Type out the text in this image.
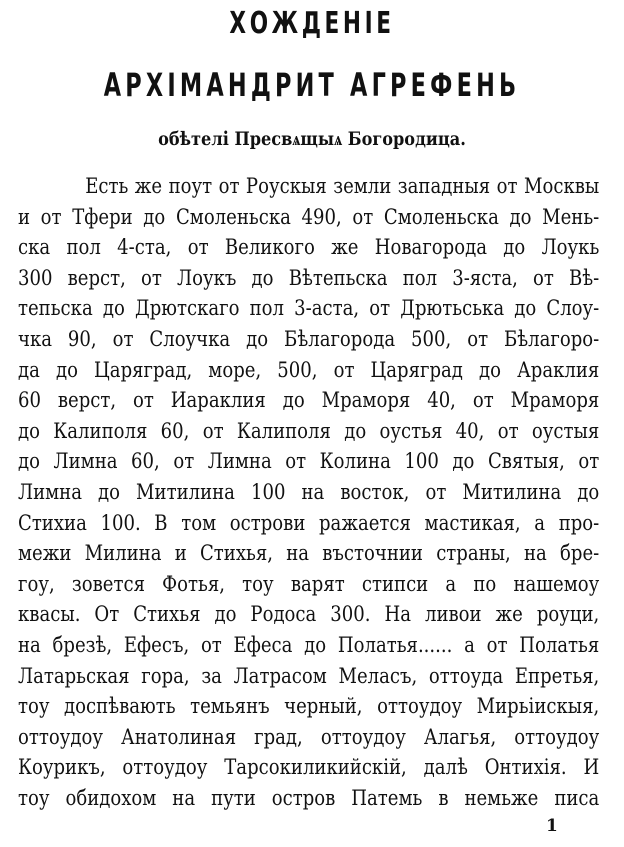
ХОЖДЕНІЕ
АРХІМАНДРИТ АГРЕФЕНЬ
обѣтелі Пресвѧщыѧ Богородица.
Есть же поут от Роускыя земли западныя от Москвы
и от Тфери до Смоленьска 490, от Смоленьска до Мень-
ска пол 4-ста, от Великого же Новагорода до Лоукь
300 верст, от Лоукъ до Вѣтепьска пол 3-яста, от Вѣ-
тепьска до Дрютскаго пол 3-аста, от Дрютьська до Слоу-
чка 90, от Слоучка до Бѣлагорода 500, от Бѣлагоро-
да до Царяград, море, 500, от Царяград до Араклия
60 верст, от Иараклия до Мраморя 40, от Мраморя
до Калиполя 60, от Калиполя до оустья 40, от оустыя
до Лимна 60, от Лимна от Колина 100 до Святыя, от
Лимна до Митилина 100 на восток, от Митилина до
Стихиа 100. В том острови ражается мастикая, а про-
межи Милина и Стихья, на въсточнии страны, на бре-
гоу, зовется Фотья, тоу варят стипси а по нашемоу
квасы. От Стихья до Родоса 300. На ливои же роуци,
на брезѣ, Ефесъ, от Ефеса до Полатья...... а от Полатья
Латарьская гора, за Латрасом Меласъ, оттоуда Епретья,
тоу доспѣвають темьянъ черный, оттоудоу Мирьіискыя,
оттоудоу Анатолиная град, оттоудоу Алагья, оттоудоу
Коурикъ, оттоудоу Тарсокиликийскій, далѣ Онтихія. И
тоу обидохом на пути остров Патемь в немьже писа
1
